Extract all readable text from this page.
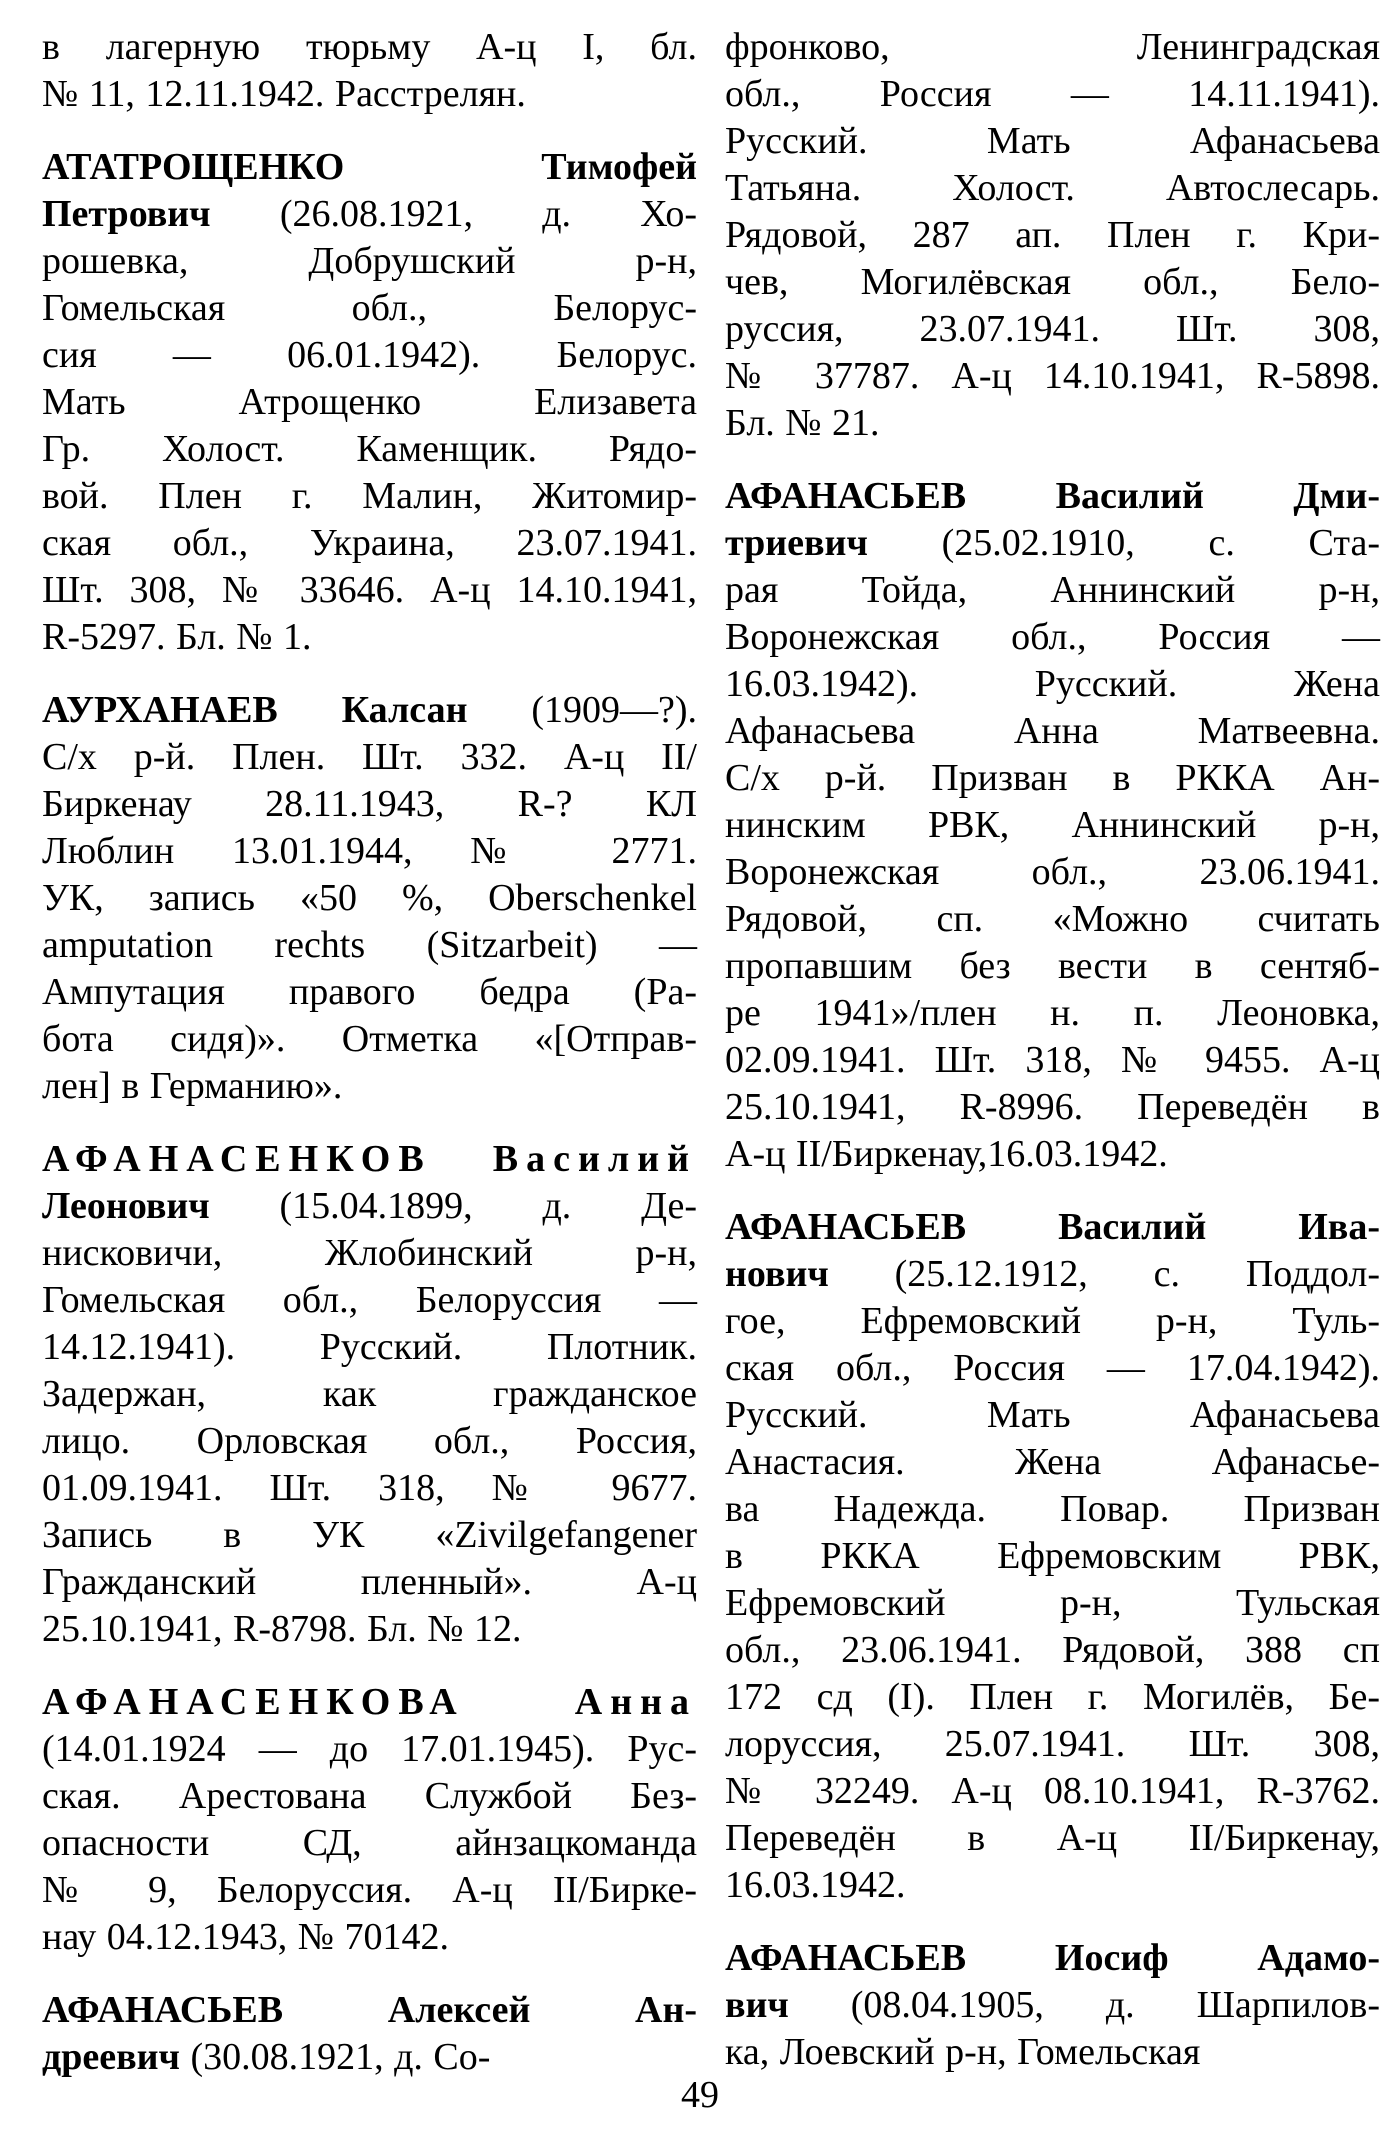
в лагерную тюрьму А-ц I, бл.
№ 11, 12.11.1942. Расстрелян.
АТАТРОЩЕНКО Тимофей
Петрович (26.08.1921, д. Хо-
рошевка, Добрушский р-н,
Гомельская обл., Белорус-
сия — 06.01.1942). Белорус.
Мать Атрощенко Елизавета
Гр. Холост. Каменщик. Рядо-
вой. Плен г. Малин, Житомир-
ская обл., Украина, 23.07.1941.
Шт. 308, № 33646. А-ц 14.10.1941,
R-5297. Бл. № 1.
АУРХАНАЕВ Калсан (1909—?).
С/х р-й. Плен. Шт. 332. А-ц II/
Биркенау 28.11.1943, R-? КЛ
Люблин 13.01.1944, № 2771.
УК, запись «50 %, Oberschenkel
amputation rechts (Sitzarbeit) —
Ампутация правого бедра (Ра-
бота сидя)». Отметка «[Отправ-
лен] в Германию».
АФАНАСЕНКОВ Василий
Леонович (15.04.1899, д. Де-
нисковичи, Жлобинский р-н,
Гомельская обл., Белоруссия —
14.12.1941). Русский. Плотник.
Задержан, как гражданское
лицо. Орловская обл., Россия,
01.09.1941. Шт. 318, № 9677.
Запись в УК «Zivilgefangener
Гражданский пленный». А-ц
25.10.1941, R-8798. Бл. № 12.
АФАНАСЕНКОВА Анна
(14.01.1924 — до 17.01.1945). Рус-
ская. Арестована Службой Без-
опасности СД, айнзацкоманда
№ 9, Белоруссия. А-ц II/Бирке-
нау 04.12.1943, № 70142.
АФАНАСЬЕВ Алексей Ан-
дреевич (30.08.1921, д. Со-
фронково, Ленинградская
обл., Россия — 14.11.1941).
Русский. Мать Афанасьева
Татьяна. Холост. Автослесарь.
Рядовой, 287 ап. Плен г. Кри-
чев, Могилёвская обл., Бело-
руссия, 23.07.1941. Шт. 308,
№ 37787. А-ц 14.10.1941, R-5898.
Бл. № 21.
АФАНАСЬЕВ Василий Дми-
триевич (25.02.1910, с. Ста-
рая Тойда, Аннинский р-н,
Воронежская обл., Россия —
16.03.1942). Русский. Жена
Афанасьева Анна Матвеевна.
С/х р-й. Призван в РККА Ан-
нинским РВК, Аннинский р-н,
Воронежская обл., 23.06.1941.
Рядовой, сп. «Можно считать
пропавшим без вести в сентяб-
ре 1941»/плен н. п. Леоновка,
02.09.1941. Шт. 318, № 9455. А-ц
25.10.1941, R-8996. Переведён в
А-ц II/Биркенау,16.03.1942.
АФАНАСЬЕВ Василий Ива-
нович (25.12.1912, с. Поддол-
гое, Ефремовский р-н, Туль-
ская обл., Россия — 17.04.1942).
Русский. Мать Афанасьева
Анастасия. Жена Афанасье-
ва Надежда. Повар. Призван
в РККА Ефремовским РВК,
Ефремовский р-н, Тульская
обл., 23.06.1941. Рядовой, 388 сп
172 сд (I). Плен г. Могилёв, Бе-
лоруссия, 25.07.1941. Шт. 308,
№ 32249. А-ц 08.10.1941, R-3762.
Переведён в А-ц II/Биркенау,
16.03.1942.
АФАНАСЬЕВ Иосиф Адамо-
вич (08.04.1905, д. Шарпилов-
ка, Лоевский р-н, Гомельская
49
